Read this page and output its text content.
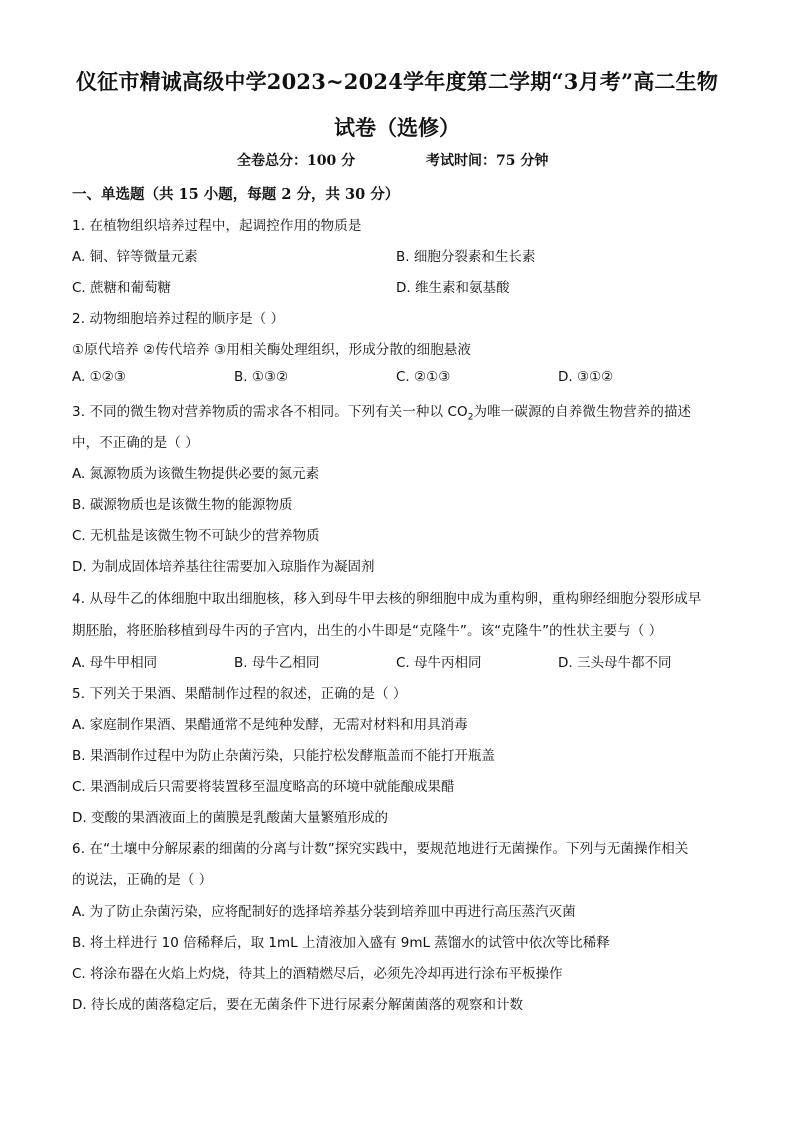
仪征市精诚高级中学2023~2024学年度第二学期“3月考”高二生物
试卷（选修）
全卷总分：100 分	考试时间：75 分钟
一、单选题（共 15 小题，每题 2 分，共 30 分）
1. 在植物组织培养过程中，起调控作用的物质是
A. 铜、锌等微量元素	B. 细胞分裂素和生长素
C. 蔗糖和葡萄糖	D. 维生素和氨基酸
2. 动物细胞培养过程的顺序是（ ）
①原代培养 ②传代培养 ③用相关酶处理组织，形成分散的细胞悬液
A. ①②③	B. ①③②	C. ②①③	D. ③①②
3. 不同的微生物对营养物质的需求各不相同。下列有关一种以 $CO_2$为唯一碳源的自养微生物营养的描述
中，不正确的是（ ）
A. 氮源物质为该微生物提供必要的氮元素
B. 碳源物质也是该微生物的能源物质
C. 无机盐是该微生物不可缺少的营养物质
D. 为制成固体培养基往往需要加入琼脂作为凝固剂
4. 从母牛乙的体细胞中取出细胞核，移入到母牛甲去核的卵细胞中成为重构卵，重构卵经细胞分裂形成早
期胚胎，将胚胎移植到母牛丙的子宫内，出生的小牛即是“克隆牛”。该“克隆牛”的性状主要与（ ）
A. 母牛甲相同	B. 母牛乙相同	C. 母牛丙相同	D. 三头母牛都不同
5. 下列关于果酒、果醋制作过程的叙述，正确的是（ ）
A. 家庭制作果酒、果醋通常不是纯种发酵，无需对材料和用具消毒
B. 果酒制作过程中为防止杂菌污染，只能拧松发酵瓶盖而不能打开瓶盖
C. 果酒制成后只需要将装置移至温度略高的环境中就能酿成果醋
D. 变酸的果酒液面上的菌膜是乳酸菌大量繁殖形成的
6. 在“土壤中分解尿素的细菌的分离与计数”探究实践中，要规范地进行无菌操作。下列与无菌操作相关
的说法，正确的是（ ）
A. 为了防止杂菌污染，应将配制好的选择培养基分装到培养皿中再进行高压蒸汽灭菌
B. 将土样进行 10 倍稀释后，取 1mL 上清液加入盛有 9mL 蒸馏水的试管中依次等比稀释
C. 将涂布器在火焰上灼烧，待其上的酒精燃尽后，必须先冷却再进行涂布平板操作
D. 待长成的菌落稳定后，要在无菌条件下进行尿素分解菌菌落的观察和计数
